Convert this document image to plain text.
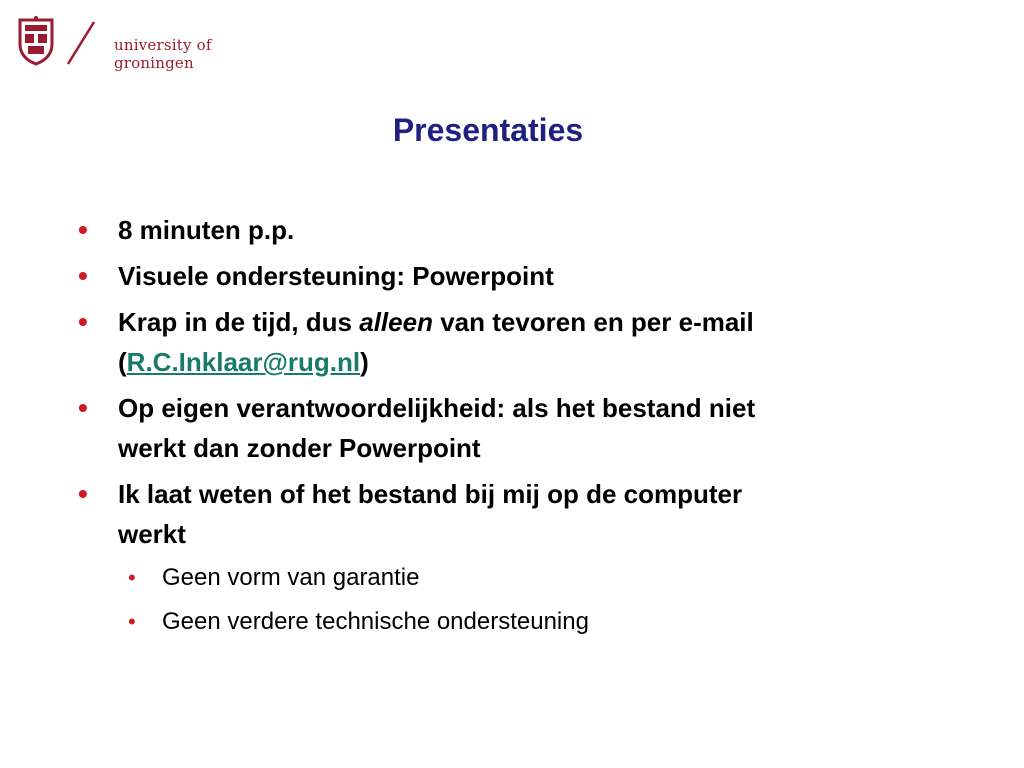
university of
groningen
Presentaties
• 8 minuten p.p.
• Visuele ondersteuning: Powerpoint
• Krap in de tijd, dus alleen van tevoren en per e-mail
(R.C.Inklaar@rug.nl)
• Op eigen verantwoordelijkheid: als het bestand niet
werkt dan zonder Powerpoint
• Ik laat weten of het bestand bij mij op de computer
werkt
• Geen vorm van garantie
• Geen verdere technische ondersteuning
